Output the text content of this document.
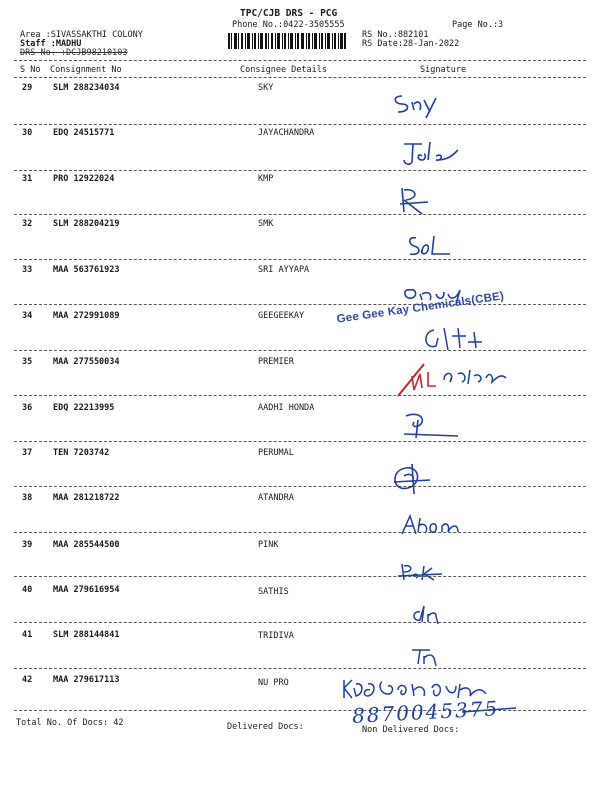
TPC/CJB DRS - PCG
Phone No.:0422-3505555	Page No.:3
Area :SIVASSAKTHI COLONY
Staff :MADHU
DRS No. :DCJB98210103
RS No.:882101
RS Date:28-Jan-2022
S No Consignment No	Consignee Details	Signature
29 SLM 288234034	SKY
30 EDQ 24515771	JAYACHANDRA
31 PRO 12922024	KMP
32 SLM 288204219	SMK
33 MAA 563761923	SRI AYYAPA
34 MAA 272991089	GEEGEEKAY
35 MAA 277550034	PREMIER
36 EDQ 22213995	AADHI HONDA
37 TEN 7203742	PERUMAL
38 MAA 281218722	ATANDRA
39 MAA 285544500	PINK
40 MAA 279616954	SATHIS
41 SLM 288144841	TRIDIVA
42 MAA 279617113	NU PRO
Total No. Of Docs: 42	Delivered Docs:	Non Delivered Docs:
Gee Gee Kay Chemicals(CBE)
8870045375
